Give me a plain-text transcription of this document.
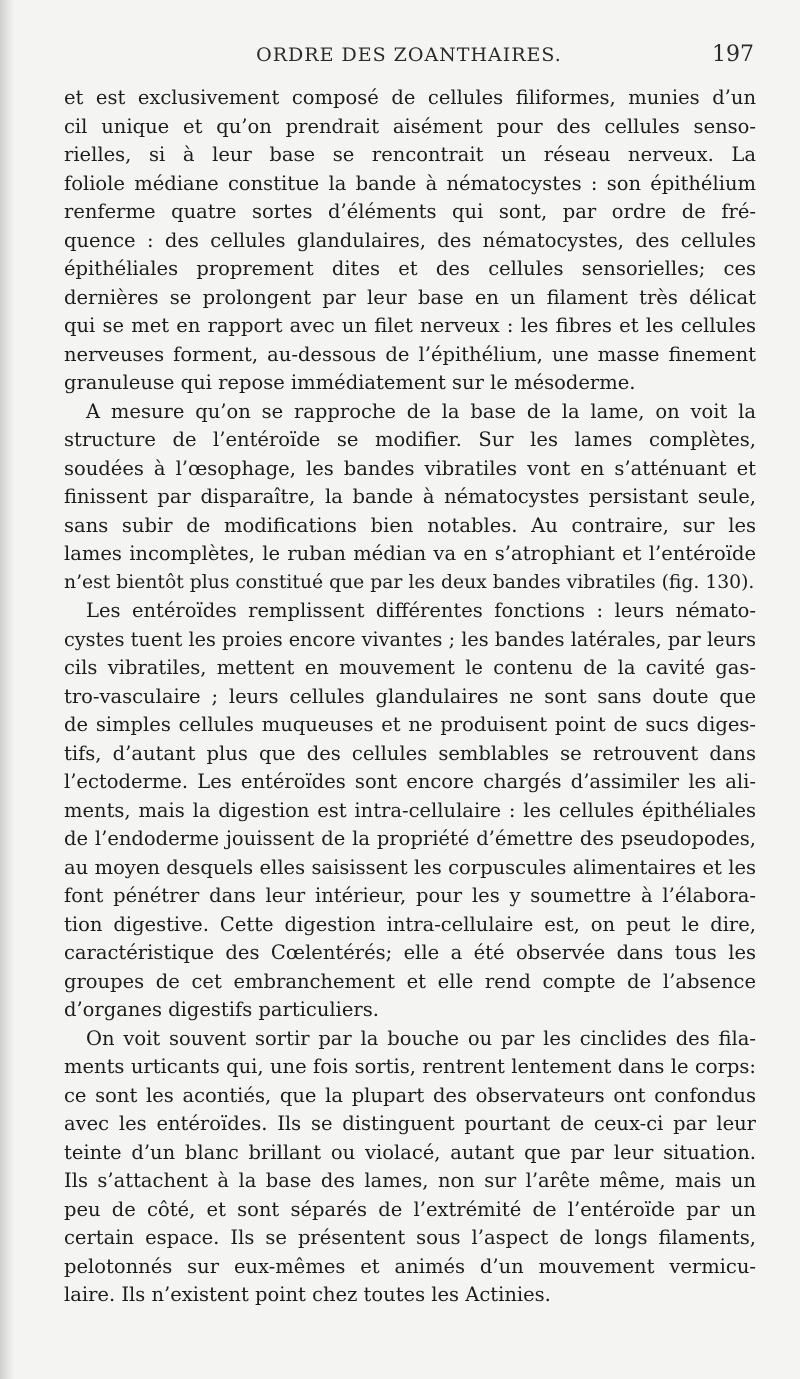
ORDRE DES ZOANTHAIRES.	197
et est exclusivement composé de cellules filiformes, munies d’un
cil unique et qu’on prendrait aisément pour des cellules senso-
rielles, si à leur base se rencontrait un réseau nerveux. La
foliole médiane constitue la bande à nématocystes : son épithélium
renferme quatre sortes d’éléments qui sont, par ordre de fré-
quence : des cellules glandulaires, des nématocystes, des cellules
épithéliales proprement dites et des cellules sensorielles; ces
dernières se prolongent par leur base en un filament très délicat
qui se met en rapport avec un filet nerveux : les fibres et les cellules
nerveuses forment, au-dessous de l’épithélium, une masse finement
granuleuse qui repose immédiatement sur le mésoderme.
A mesure qu’on se rapproche de la base de la lame, on voit la
structure de l’entéroïde se modifier. Sur les lames complètes,
soudées à l’œsophage, les bandes vibratiles vont en s’atténuant et
finissent par disparaître, la bande à nématocystes persistant seule,
sans subir de modifications bien notables. Au contraire, sur les
lames incomplètes, le ruban médian va en s’atrophiant et l’entéroïde
n’est bientôt plus constitué que par les deux bandes vibratiles (fig. 130).
Les entéroïdes remplissent différentes fonctions : leurs némato-
cystes tuent les proies encore vivantes ; les bandes latérales, par leurs
cils vibratiles, mettent en mouvement le contenu de la cavité gas-
tro-vasculaire ; leurs cellules glandulaires ne sont sans doute que
de simples cellules muqueuses et ne produisent point de sucs diges-
tifs, d’autant plus que des cellules semblables se retrouvent dans
l’ectoderme. Les entéroïdes sont encore chargés d’assimiler les ali-
ments, mais la digestion est intra-cellulaire : les cellules épithéliales
de l’endoderme jouissent de la propriété d’émettre des pseudopodes,
au moyen desquels elles saisissent les corpuscules alimentaires et les
font pénétrer dans leur intérieur, pour les y soumettre à l’élabora-
tion digestive. Cette digestion intra-cellulaire est, on peut le dire,
caractéristique des Cœlentérés; elle a été observée dans tous les
groupes de cet embranchement et elle rend compte de l’absence
d’organes digestifs particuliers.
On voit souvent sortir par la bouche ou par les cinclides des fila-
ments urticants qui, une fois sortis, rentrent lentement dans le corps:
ce sont les acontiés, que la plupart des observateurs ont confondus
avec les entéroïdes. Ils se distinguent pourtant de ceux-ci par leur
teinte d’un blanc brillant ou violacé, autant que par leur situation.
Ils s’attachent à la base des lames, non sur l’arête même, mais un
peu de côté, et sont séparés de l’extrémité de l’entéroïde par un
certain espace. Ils se présentent sous l’aspect de longs filaments,
pelotonnés sur eux-mêmes et animés d’un mouvement vermicu-
laire. Ils n’existent point chez toutes les Actinies.
